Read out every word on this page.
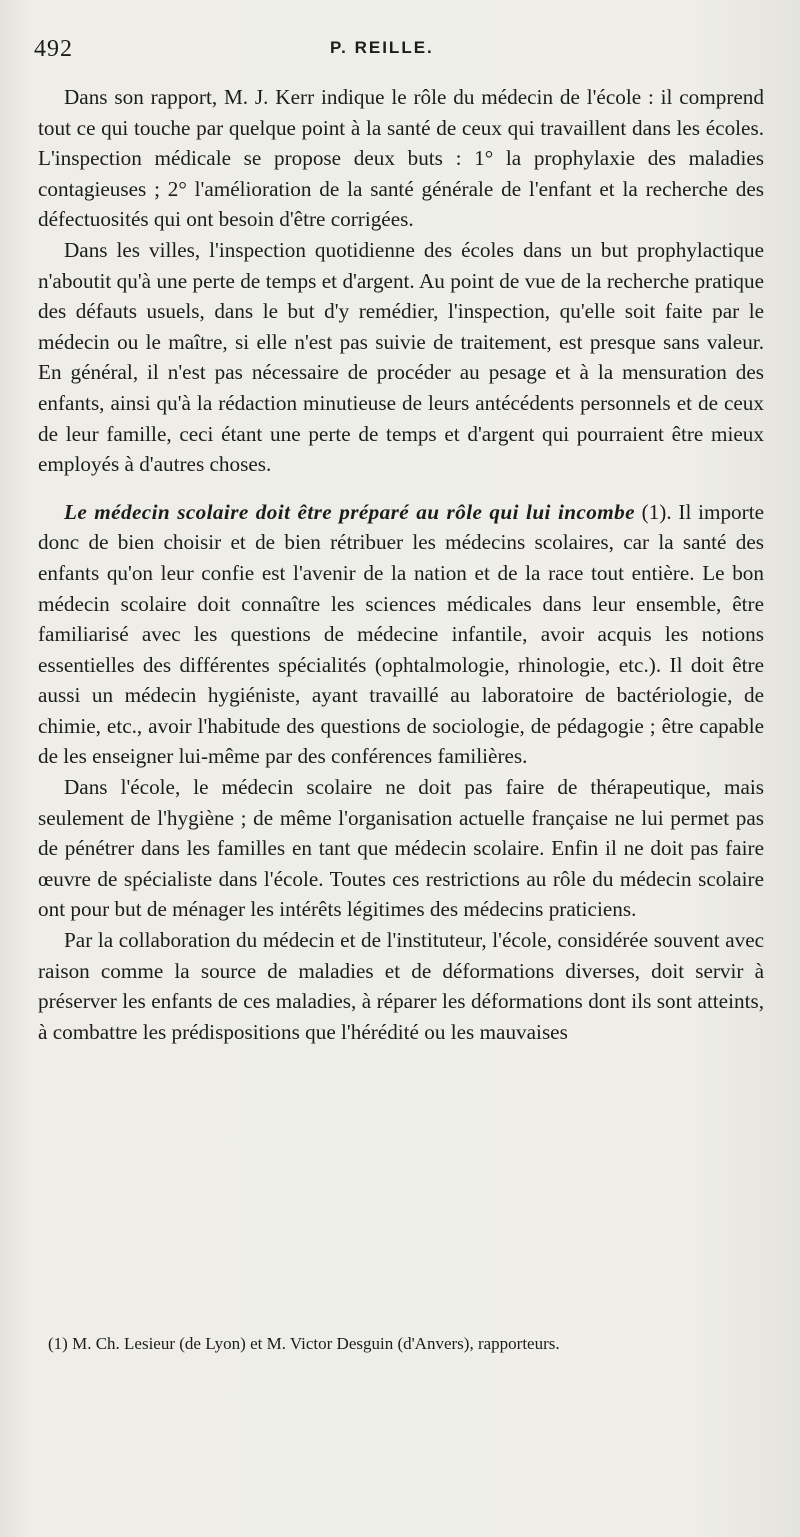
492	P. REILLE.

Dans son rapport, M. J. Kerr indique le rôle du médecin de l'école : il comprend tout ce qui touche par quelque point à la santé de ceux qui travaillent dans les écoles. L'inspection médicale se propose deux buts : 1° la prophylaxie des maladies contagieuses ; 2° l'amélioration de la santé générale de l'enfant et la recherche des défectuosités qui ont besoin d'être corrigées.

Dans les villes, l'inspection quotidienne des écoles dans un but prophylactique n'aboutit qu'à une perte de temps et d'argent. Au point de vue de la recherche pratique des défauts usuels, dans le but d'y remédier, l'inspection, qu'elle soit faite par le médecin ou le maître, si elle n'est pas suivie de traitement, est presque sans valeur. En général, il n'est pas nécessaire de procéder au pesage et à la mensuration des enfants, ainsi qu'à la rédaction minutieuse de leurs antécédents personnels et de ceux de leur famille, ceci étant une perte de temps et d'argent qui pourraient être mieux employés à d'autres choses.

Le médecin scolaire doit être préparé au rôle qui lui incombe (1). Il importe donc de bien choisir et de bien rétribuer les médecins scolaires, car la santé des enfants qu'on leur confie est l'avenir de la nation et de la race tout entière. Le bon médecin scolaire doit connaître les sciences médicales dans leur ensemble, être familiarisé avec les questions de médecine infantile, avoir acquis les notions essentielles des différentes spécialités (ophtalmologie, rhinologie, etc.). Il doit être aussi un médecin hygiéniste, ayant travaillé au laboratoire de bactériologie, de chimie, etc., avoir l'habitude des questions de sociologie, de pédagogie ; être capable de les enseigner lui-même par des conférences familières.

Dans l'école, le médecin scolaire ne doit pas faire de thérapeutique, mais seulement de l'hygiène ; de même l'organisation actuelle française ne lui permet pas de pénétrer dans les familles en tant que médecin scolaire. Enfin il ne doit pas faire œuvre de spécialiste dans l'école. Toutes ces restrictions au rôle du médecin scolaire ont pour but de ménager les intérêts légitimes des médecins praticiens.

Par la collaboration du médecin et de l'instituteur, l'école, considérée souvent avec raison comme la source de maladies et de déformations diverses, doit servir à préserver les enfants de ces maladies, à réparer les déformations dont ils sont atteints, à combattre les prédispositions que l'hérédité ou les mauvaises

(1) M. Ch. Lesieur (de Lyon) et M. Victor Desguin (d'Anvers), rapporteurs.
